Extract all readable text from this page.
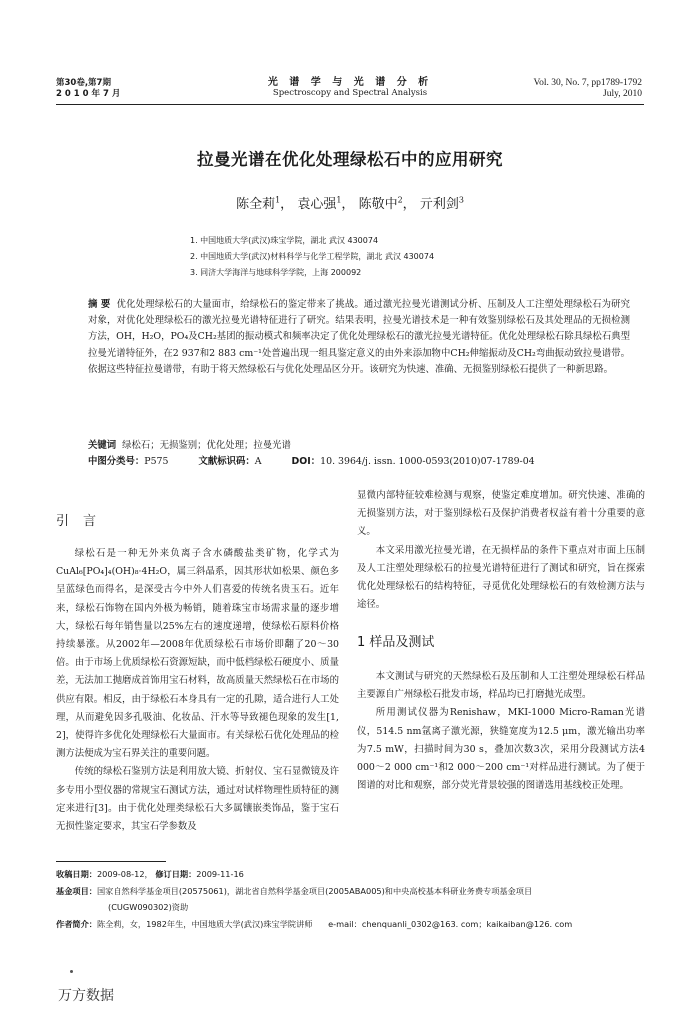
第30卷,第7期
2 0 1 0 年 7 月
光 谱 学 与 光 谱 分 析
Spectroscopy and Spectral Analysis
Vol. 30, No. 7, pp1789-1792
July, 2010
拉曼光谱在优化处理绿松石中的应用研究
陈全莉$^1$， 袁心强$^1$， 陈敬中$^2$， 亓利剑$^3$
1. 中国地质大学(武汉)珠宝学院，湖北 武汉 430074
2. 中国地质大学(武汉)材料科学与化学工程学院，湖北 武汉 430074
3. 同济大学海洋与地球科学学院，上海 200092
摘 要 优化处理绿松石的大量面市，给绿松石的鉴定带来了挑战。通过激光拉曼光谱测试分析、压制及人工注塑处理绿松石为研究对象，对优化处理绿松石的激光拉曼光谱特征进行了研究。结果表明，拉曼光谱技术是一种有效鉴别绿松石及其处理品的无损检测方法，OH，H₂O，PO₄及CH₂基团的振动模式和频率决定了优化处理绿松石的激光拉曼光谱特征。优化处理绿松石除具绿松石典型拉曼光谱特征外，在2 937和2 883 cm⁻¹处普遍出现一组具鉴定意义的由外来添加物中CH₂伸缩振动及CH₂弯曲振动致拉曼谱带。依据这些特征拉曼谱带，有助于将天然绿松石与优化处理品区分开。该研究为快速、准确、无损鉴别绿松石提供了一种新思路。
关键词 绿松石；无损鉴别；优化处理；拉曼光谱
中图分类号：P575	文献标识码：A	DOI：10. 3964/j. issn. 1000-0593(2010)07-1789-04
引言

绿松石是一种无外来负离子含水磷酸盐类矿物，化学式为CuAl₆[PO₄]₄(OH)₈·4H₂O，属三斜晶系，因其形状如松果、颜色多呈蓝绿色而得名，是深受古今中外人们喜爱的传统名贵玉石。近年来，绿松石饰物在国内外极为畅销，随着珠宝市场需求量的逐步增大，绿松石每年销售量以25%左右的速度递增，使绿松石原料价格持续暴涨。从2002年—2008年优质绿松石市场价即翻了20～30倍。由于市场上优质绿松石资源短缺，而中低档绿松石硬度小、质量差，无法加工抛磨成首饰用宝石材料，故高质量天然绿松石在市场的供应有限。相反，由于绿松石本身具有一定的孔隙，适合进行人工处理，从而避免因多孔吸油、化妆品、汗水等导致褪色现象的发生[1, 2]，使得许多优化处理绿松石大量面市。有关绿松石优化处理品的检测方法便成为宝石界关注的重要问题。

传统的绿松石鉴别方法是利用放大镜、折射仪、宝石显微镜及许多专用小型仪器的常规宝石测试方法，通过对试样物理性质特征的测定来进行[3]。由于优化处理类绿松石大多属镶嵌类饰品，鉴于宝石无损性鉴定要求，其宝石学参数及

显微内部特征较难检测与观察，使鉴定难度增加。研究快速、准确的无损鉴别方法，对于鉴别绿松石及保护消费者权益有着十分重要的意义。

本文采用激光拉曼光谱，在无损样品的条件下重点对市面上压制及人工注塑处理绿松石的拉曼光谱特征进行了测试和研究，旨在探索优化处理绿松石的结构特征，寻觅优化处理绿松石的有效检测方法与途径。

1 样品及测试

本文测试与研究的天然绿松石及压制和人工注塑处理绿松石样品主要源自广州绿松石批发市场，样品均已打磨抛光成型。

所用测试仪器为Renishaw，MKI-1000 Micro-Raman光谱仪，514.5 nm氩离子激光源，狭缝宽度为12.5 μm，激光输出功率为7.5 mW，扫描时间为30 s，叠加次数3次，采用分段测试方法4 000～2 000 cm⁻¹和2 000～200 cm⁻¹对样品进行测试。为了便于图谱的对比和观察，部分荧光背景较强的图谱选用基线校正处理。

收稿日期：2009-08-12， 修订日期：2009-11-16
基金项目：国家自然科学基金项目(20575061)，湖北省自然科学基金项目(2005ABA005)和中央高校基本科研业务费专项基金项目
(CUGW090302)资助
作者简介：陈全莉，女，1982年生，中国地质大学(武汉)珠宝学院讲师 e-mail：chenquanli_0302@163. com；kaikaiban@126. com
万方数据
